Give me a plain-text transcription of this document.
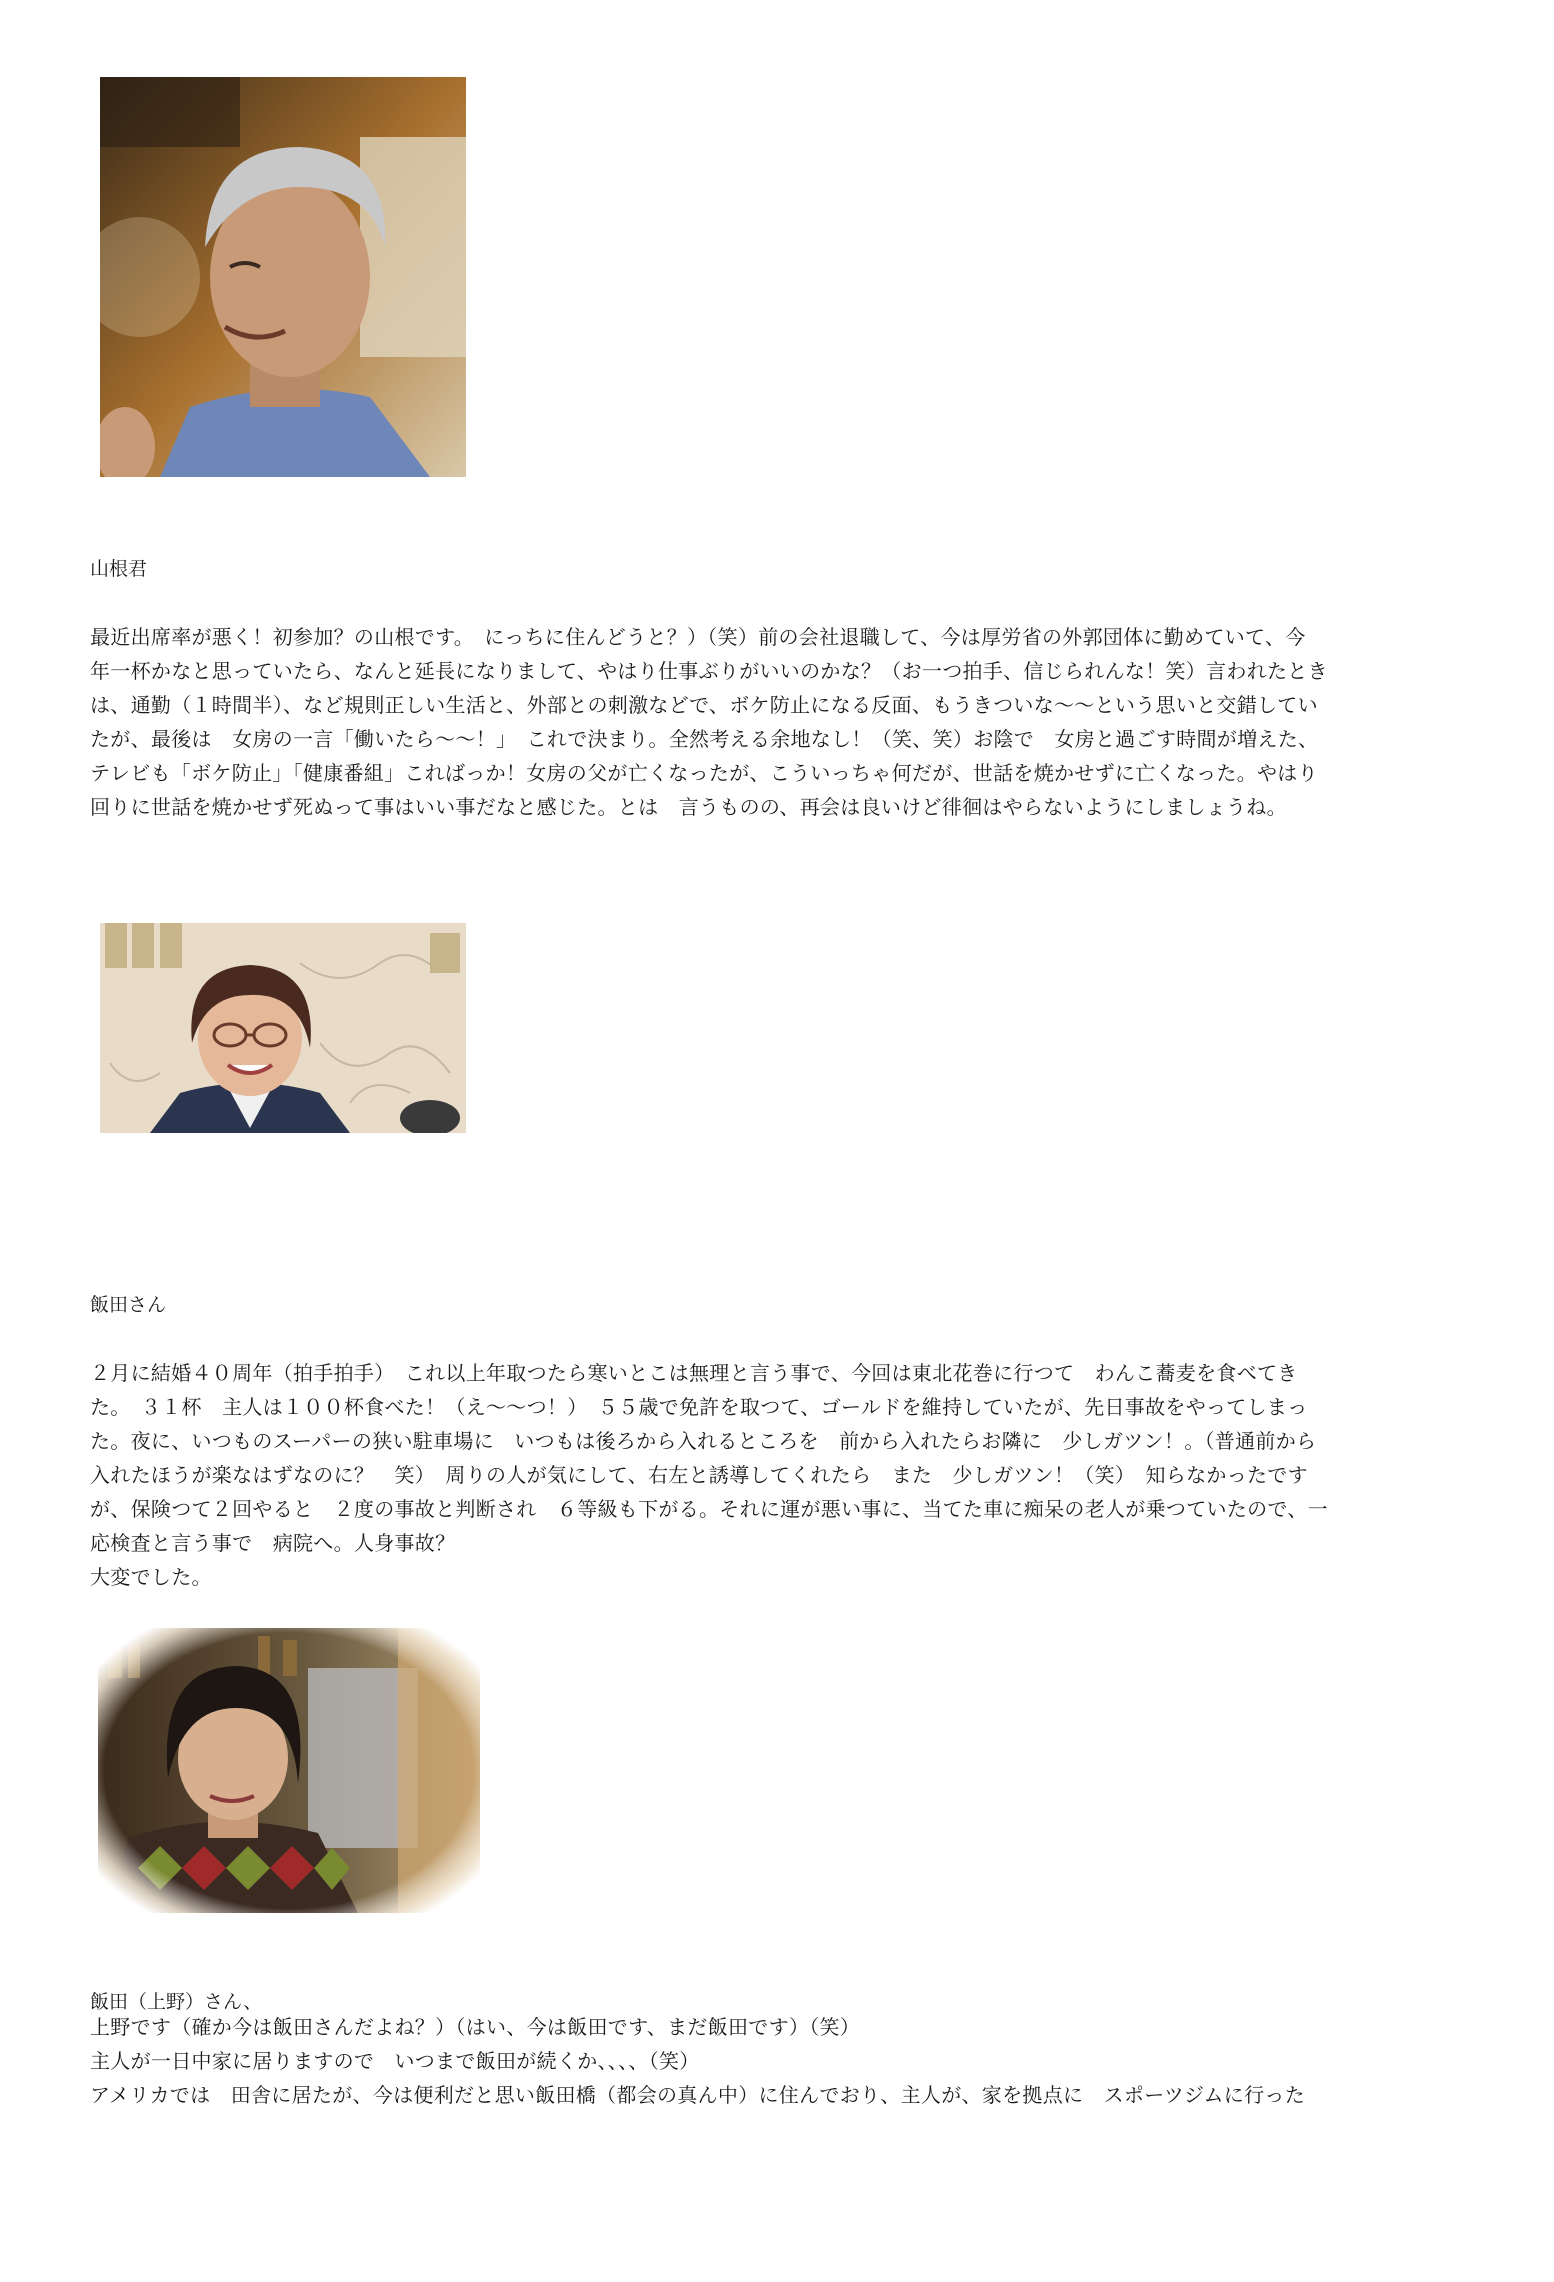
山根君
最近出席率が悪く！初参加？の山根です。　にっちに住んどうと？）（笑）前の会社退職して、今は厚労省の外郭団体に勤めていて、今
年一杯かなと思っていたら、なんと延長になりまして、やはり仕事ぶりがいいのかな？（お一つ拍手、信じられんな！笑）言われたとき
は、通勤（１時間半）、など規則正しい生活と、外部との刺激などで、ボケ防止になる反面、もうきついな～～という思いと交錯してい
たが、最後は　女房の一言「働いたら～～！」　これで決まり。全然考える余地なし！（笑、笑）お陰で　女房と過ごす時間が増えた、
テレビも「ボケ防止」「健康番組」こればっか！女房の父が亡くなったが、こういっちゃ何だが、世話を焼かせずに亡くなった。やはり
回りに世話を焼かせず死ぬって事はいい事だなと感じた。とは　言うものの、再会は良いけど徘徊はやらないようにしましょうね。
飯田さん
２月に結婚４０周年（拍手拍手）　これ以上年取つたら寒いとこは無理と言う事で、今回は東北花巻に行つて　わんこ蕎麦を食べてき
た。　３１杯　主人は１００杯食べた！（え～～つ！）　５５歳で免許を取つて、ゴールドを維持していたが、先日事故をやってしまっ
た。夜に、いつものスーパーの狭い駐車場に　いつもは後ろから入れるところを　前から入れたらお隣に　少しガツン！。（普通前から
入れたほうが楽なはずなのに？　笑）　周りの人が気にして、右左と誘導してくれたら　また　少しガツン！（笑）　知らなかったです
が、保険つて２回やると　２度の事故と判断され　６等級も下がる。それに運が悪い事に、当てた車に痴呆の老人が乗つていたので、一
応検査と言う事で　病院へ。人身事故？
大変でした。
飯田（上野）さん、
上野です（確か今は飯田さんだよね？）（はい、今は飯田です、まだ飯田です）（笑）
主人が一日中家に居りますので　いつまで飯田が続くか、、、、（笑）
アメリカでは　田舎に居たが、今は便利だと思い飯田橋（都会の真ん中）に住んでおり、主人が、家を拠点に　スポーツジムに行った
